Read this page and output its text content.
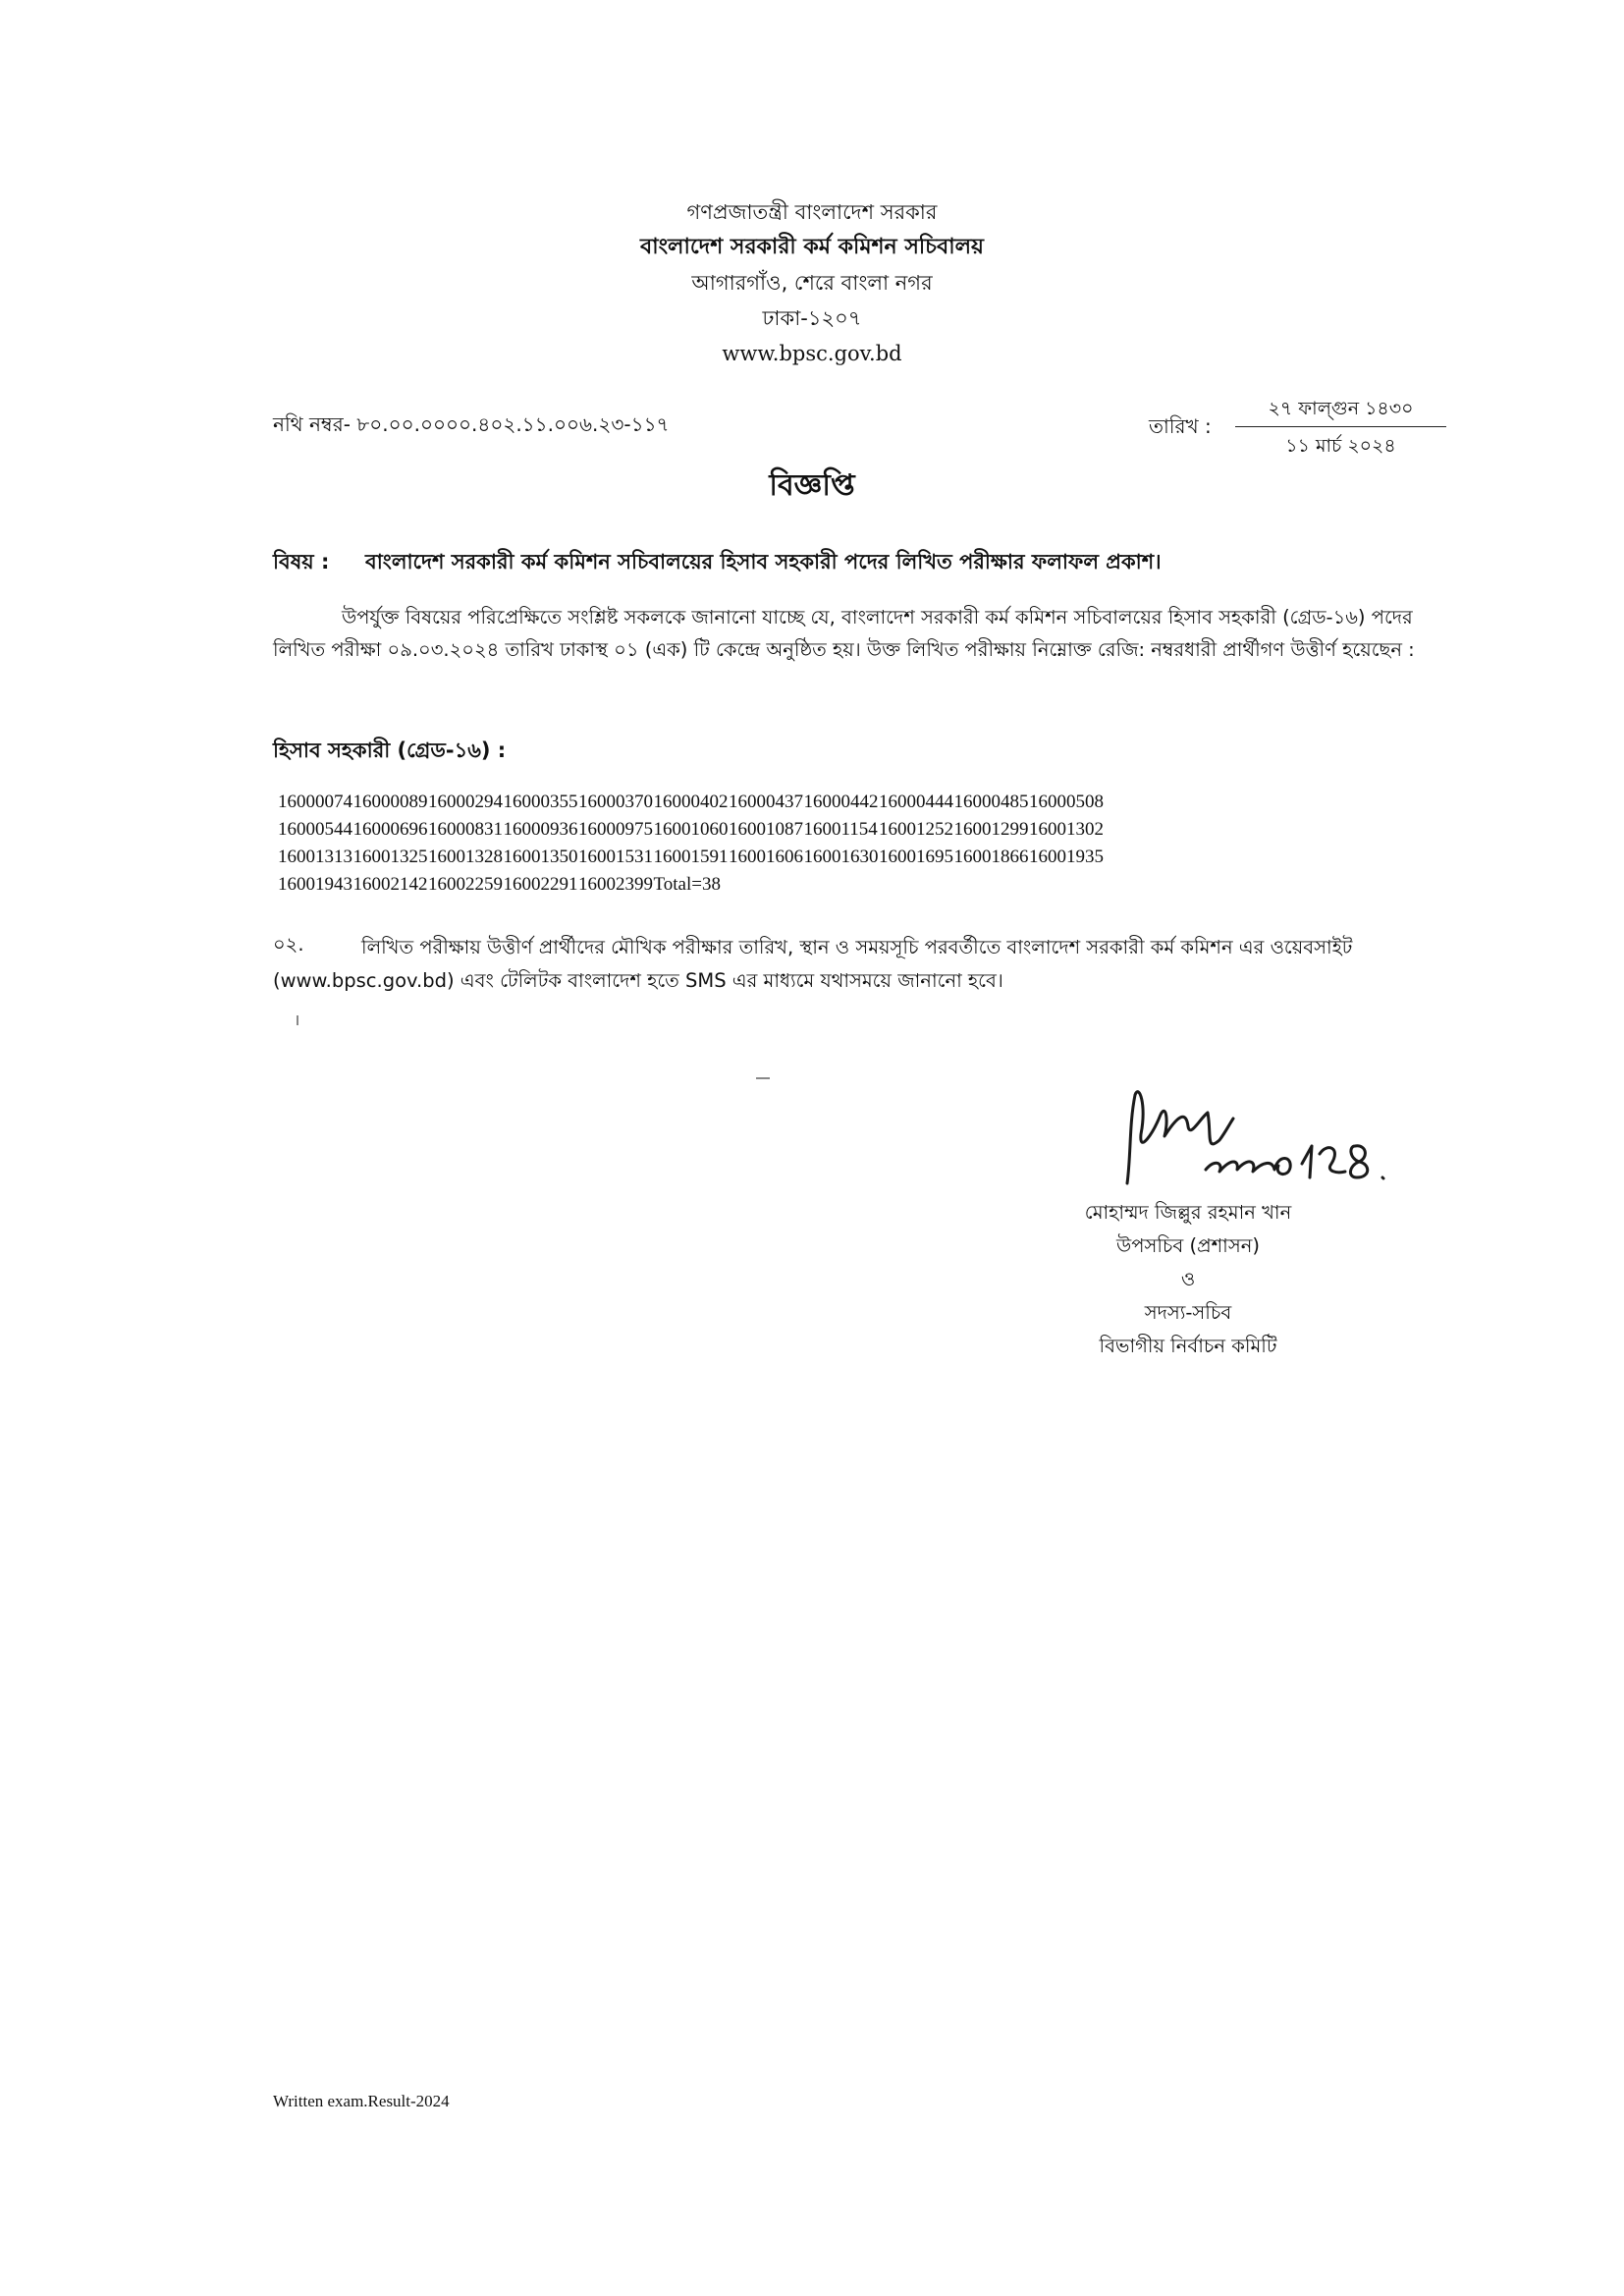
গণপ্রজাতন্ত্রী বাংলাদেশ সরকার
বাংলাদেশ সরকারী কর্ম কমিশন সচিবালয়
আগারগাঁও, শেরে বাংলা নগর
ঢাকা-১২০৭
www.bpsc.gov.bd
নথি নম্বর- ৮০.০০.০০০০.৪০২.১১.০০৬.২৩-১১৭	তারিখ :
২৭ ফাল্গুন ১৪৩০
১১ মার্চ ২০২৪
বিজ্ঞপ্তি
বিষয় : বাংলাদেশ সরকারী কর্ম কমিশন সচিবালয়ের হিসাব সহকারী পদের লিখিত পরীক্ষার ফলাফল প্রকাশ।
উপর্যুক্ত বিষয়ের পরিপ্রেক্ষিতে সংশ্লিষ্ট সকলকে জানানো যাচ্ছে যে, বাংলাদেশ সরকারী কর্ম কমিশন সচিবালয়ের হিসাব সহকারী (গ্রেড-১৬) পদের লিখিত পরীক্ষা ০৯.০৩.২০২৪ তারিখ ঢাকাস্থ ০১ (এক) টি কেন্দ্রে অনুষ্ঠিত হয়। উক্ত লিখিত পরীক্ষায় নিম্নোক্ত রেজি: নম্বরধারী প্রার্থীগণ উত্তীর্ণ হয়েছেন :
হিসাব সহকারী (গ্রেড-১৬) :
1600007416000089160002941600035516000370160004021600043716000442160004441600048516000508
1600054416000696160008311600093616000975160010601600108716001154160012521600129916001302
1600131316001325160013281600135016001531160015911600160616001630160016951600186616001935
1600194316002142160022591600229116002399Total=38
০২.	লিখিত পরীক্ষায় উত্তীর্ণ প্রার্থীদের মৌখিক পরীক্ষার তারিখ, স্থান ও সময়সূচি পরবর্তীতে বাংলাদেশ সরকারী কর্ম কমিশন এর ওয়েবসাইট (www.bpsc.gov.bd) এবং টেলিটক বাংলাদেশ হতে SMS এর মাধ্যমে যথাসময়ে জানানো হবে।
মোহাম্মদ জিল্লুর রহমান খান
উপসচিব (প্রশাসন)
ও
সদস্য-সচিব
বিভাগীয় নির্বাচন কমিটি
Written exam.Result-2024
